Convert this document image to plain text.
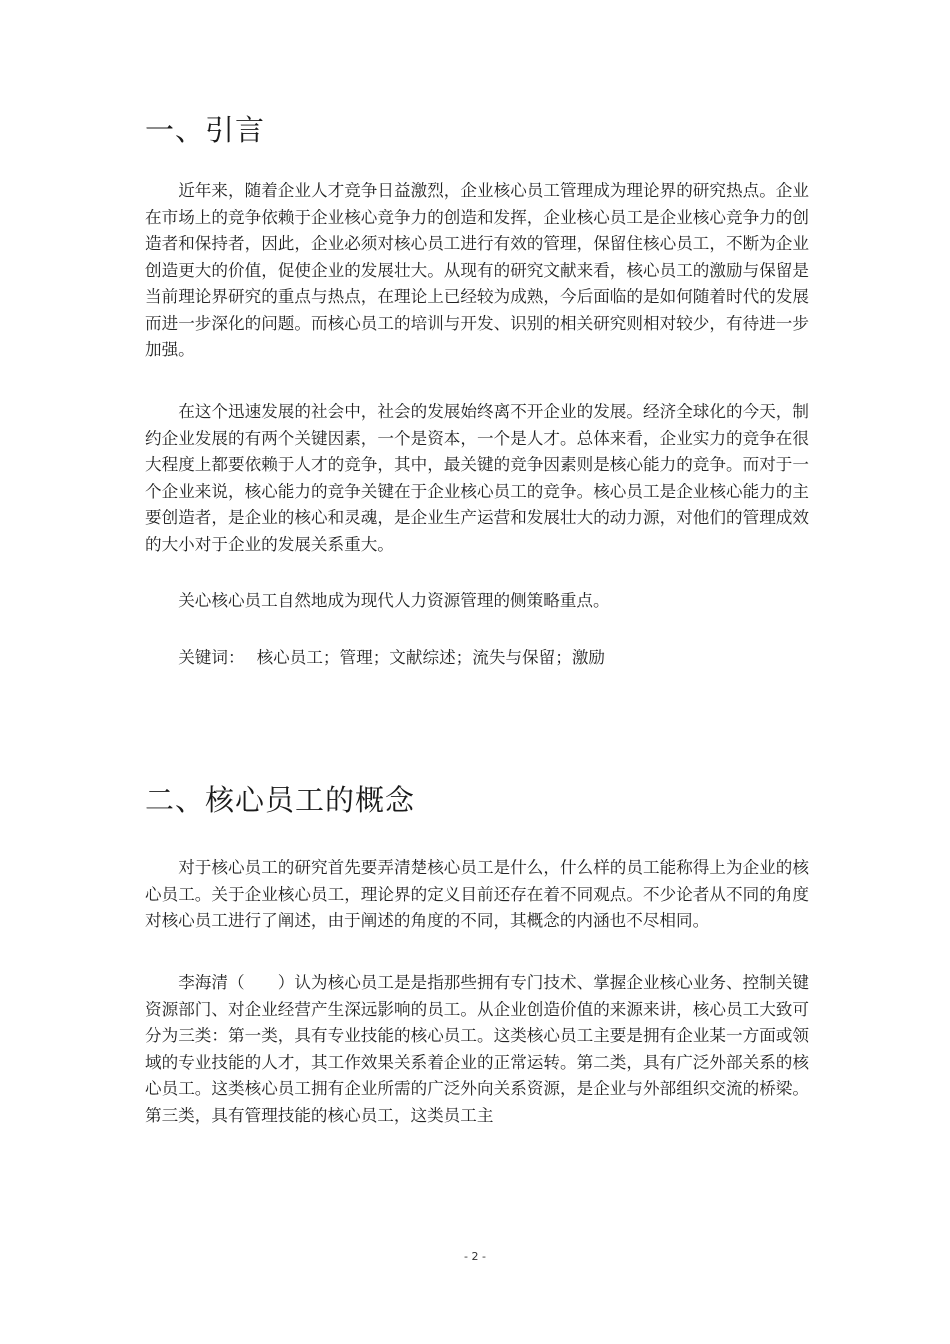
一、引言

近年来，随着企业人才竞争日益激烈，企业核心员工管理成为理论界的研究热点。企业在市场上的竞争依赖于企业核心竞争力的创造和发挥，企业核心员工是企业核心竞争力的创造者和保持者，因此，企业必须对核心员工进行有效的管理，保留住核心员工，不断为企业创造更大的价值，促使企业的发展壮大。从现有的研究文献来看，核心员工的激励与保留是当前理论界研究的重点与热点，在理论上已经较为成熟，今后面临的是如何随着时代的发展而进一步深化的问题。而核心员工的培训与开发、识别的相关研究则相对较少，有待进一步加强。

在这个迅速发展的社会中，社会的发展始终离不开企业的发展。经济全球化的今天，制约企业发展的有两个关键因素，一个是资本，一个是人才。总体来看，企业实力的竞争在很大程度上都要依赖于人才的竞争，其中，最关键的竞争因素则是核心能力的竞争。而对于一个企业来说，核心能力的竞争关键在于企业核心员工的竞争。核心员工是企业核心能力的主要创造者，是企业的核心和灵魂，是企业生产运营和发展壮大的动力源，对他们的管理成效的大小对于企业的发展关系重大。

关心核心员工自然地成为现代人力资源管理的侧策略重点。

关键词： 核心员工；管理；文献综述；流失与保留；激励

二、核心员工的概念

对于核心员工的研究首先要弄清楚核心员工是什么，什么样的员工能称得上为企业的核心员工。关于企业核心员工，理论界的定义目前还存在着不同观点。不少论者从不同的角度对核心员工进行了阐述，由于阐述的角度的不同，其概念的内涵也不尽相同。

李海清（　　）认为核心员工是是指那些拥有专门技术、掌握企业核心业务、控制关键资源部门、对企业经营产生深远影响的员工。从企业创造价值的来源来讲，核心员工大致可分为三类：第一类，具有专业技能的核心员工。这类核心员工主要是拥有企业某一方面或领域的专业技能的人才，其工作效果关系着企业的正常运转。第二类，具有广泛外部关系的核心员工。这类核心员工拥有企业所需的广泛外向关系资源，是企业与外部组织交流的桥梁。第三类，具有管理技能的核心员工，这类员工主

- 2 -
